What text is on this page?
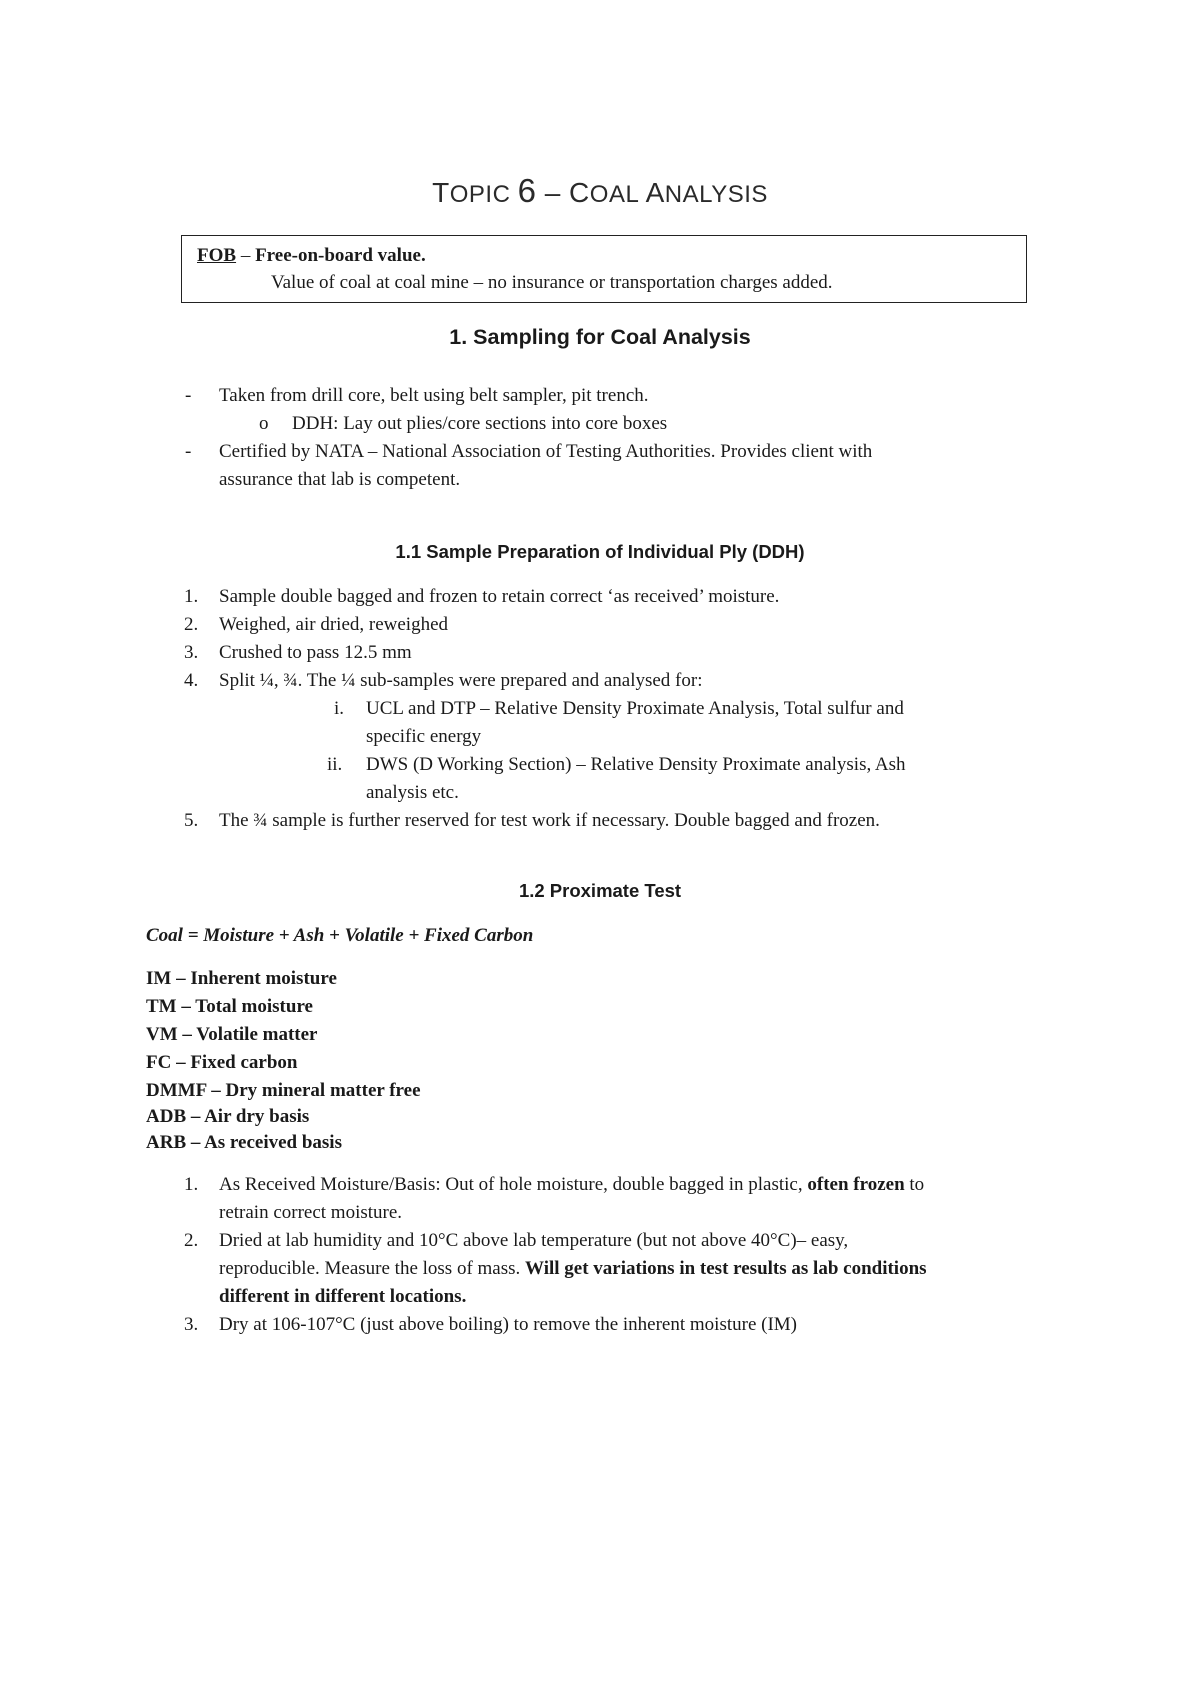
TOPIC 6 – COAL ANALYSIS
FOB – Free-on-board value.
Value of coal at coal mine – no insurance or transportation charges added.
1. Sampling for Coal Analysis
- Taken from drill core, belt using belt sampler, pit trench.
o DDH: Lay out plies/core sections into core boxes
- Certified by NATA – National Association of Testing Authorities. Provides client with
assurance that lab is competent.
1.1 Sample Preparation of Individual Ply (DDH)
1. Sample double bagged and frozen to retain correct ‘as received’ moisture.
2. Weighed, air dried, reweighed
3. Crushed to pass 12.5 mm
4. Split ¼, ¾. The ¼ sub-samples were prepared and analysed for:
i. UCL and DTP – Relative Density Proximate Analysis, Total sulfur and
specific energy
ii. DWS (D Working Section) – Relative Density Proximate analysis, Ash
analysis etc.
5. The ¾ sample is further reserved for test work if necessary. Double bagged and frozen.
1.2 Proximate Test
Coal = Moisture + Ash + Volatile + Fixed Carbon
IM – Inherent moisture
TM – Total moisture
VM – Volatile matter
FC – Fixed carbon
DMMF – Dry mineral matter free
ADB – Air dry basis
ARB – As received basis
1. As Received Moisture/Basis: Out of hole moisture, double bagged in plastic, often frozen to
retrain correct moisture.
2. Dried at lab humidity and 10°C above lab temperature (but not above 40°C)– easy,
reproducible. Measure the loss of mass. Will get variations in test results as lab conditions
different in different locations.
3. Dry at 106-107°C (just above boiling) to remove the inherent moisture (IM)
